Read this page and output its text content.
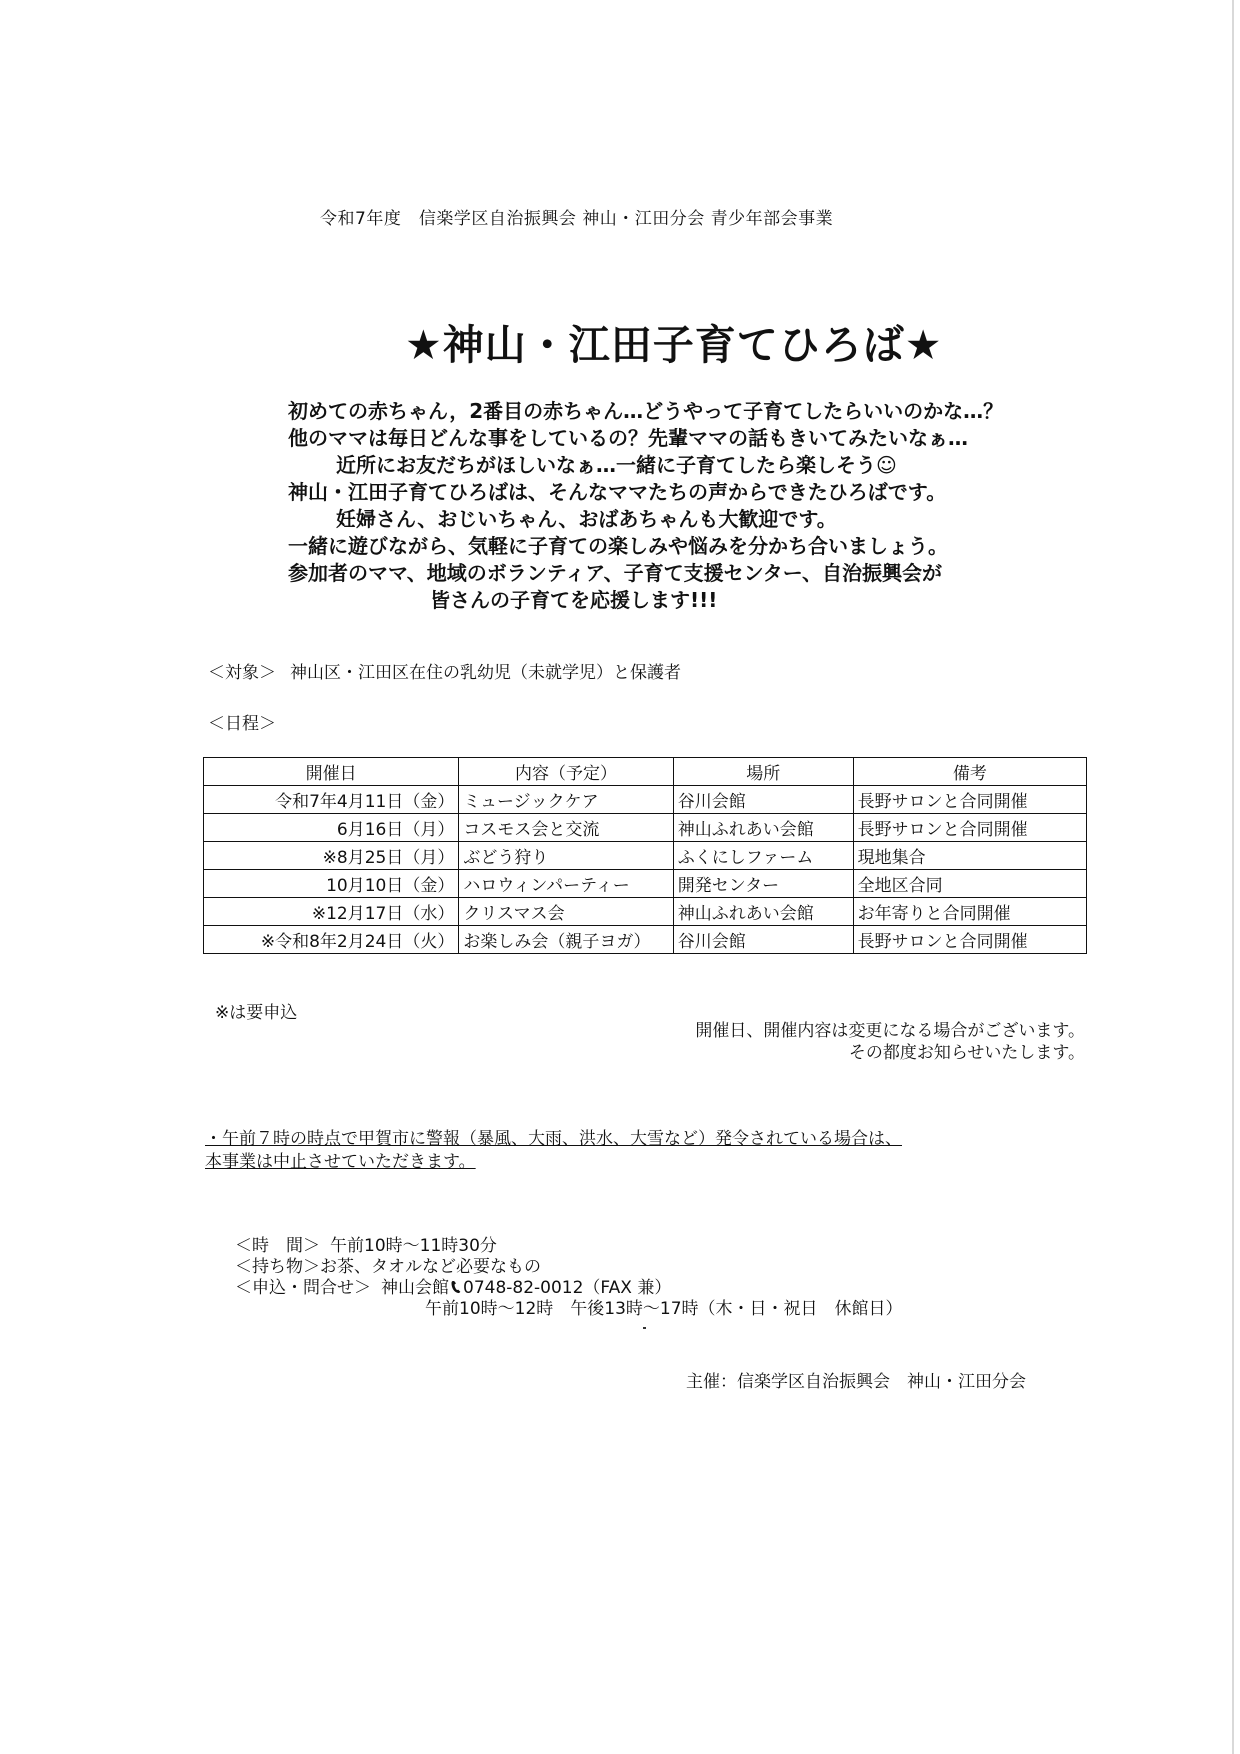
令和7年度　信楽学区自治振興会 神山・江田分会 青少年部会事業
★神山・江田子育てひろば★
初めての赤ちゃん，2番目の赤ちゃん…どうやって子育てしたらいいのかな…？
他のママは毎日どんな事をしているの？先輩ママの話もきいてみたいなぁ…
近所にお友だちがほしいなぁ…一緒に子育てしたら楽しそう☺
神山・江田子育てひろばは、そんなママたちの声からできたひろばです。
妊婦さん、おじいちゃん、おばあちゃんも大歓迎です。
一緒に遊びながら、気軽に子育ての楽しみや悩みを分かち合いましょう。
参加者のママ、地域のボランティア、子育て支援センター、自治振興会が
皆さんの子育てを応援します!!!
＜対象＞ 神山区・江田区在住の乳幼児（未就学児）と保護者
＜日程＞
開催日	内容（予定）	場所	備考
令和7年4月11日（金）	ミュージックケア	谷川会館	長野サロンと合同開催
6月16日（月）	コスモス会と交流	神山ふれあい会館	長野サロンと合同開催
※8月25日（月）	ぶどう狩り	ふくにしファーム	現地集合
10月10日（金）	ハロウィンパーティー	開発センター	全地区合同
※12月17日（水）	クリスマス会	神山ふれあい会館	お年寄りと合同開催
※令和8年2月24日（火）	お楽しみ会（親子ヨガ）	谷川会館	長野サロンと合同開催
※は要申込
開催日、開催内容は変更になる場合がございます。
その都度お知らせいたします。
・午前７時の時点で甲賀市に警報（暴風、大雨、洪水、大雪など）発令されている場合は、
本事業は中止させていただきます。
＜時　間＞ 午前10時～11時30分
＜持ち物＞お茶、タオルなど必要なもの
＜申込・問合せ＞ 神山会館 0748-82-0012（FAX 兼）
午前10時～12時　午後13時～17時（木・日・祝日　休館日）
主催：信楽学区自治振興会　神山・江田分会
